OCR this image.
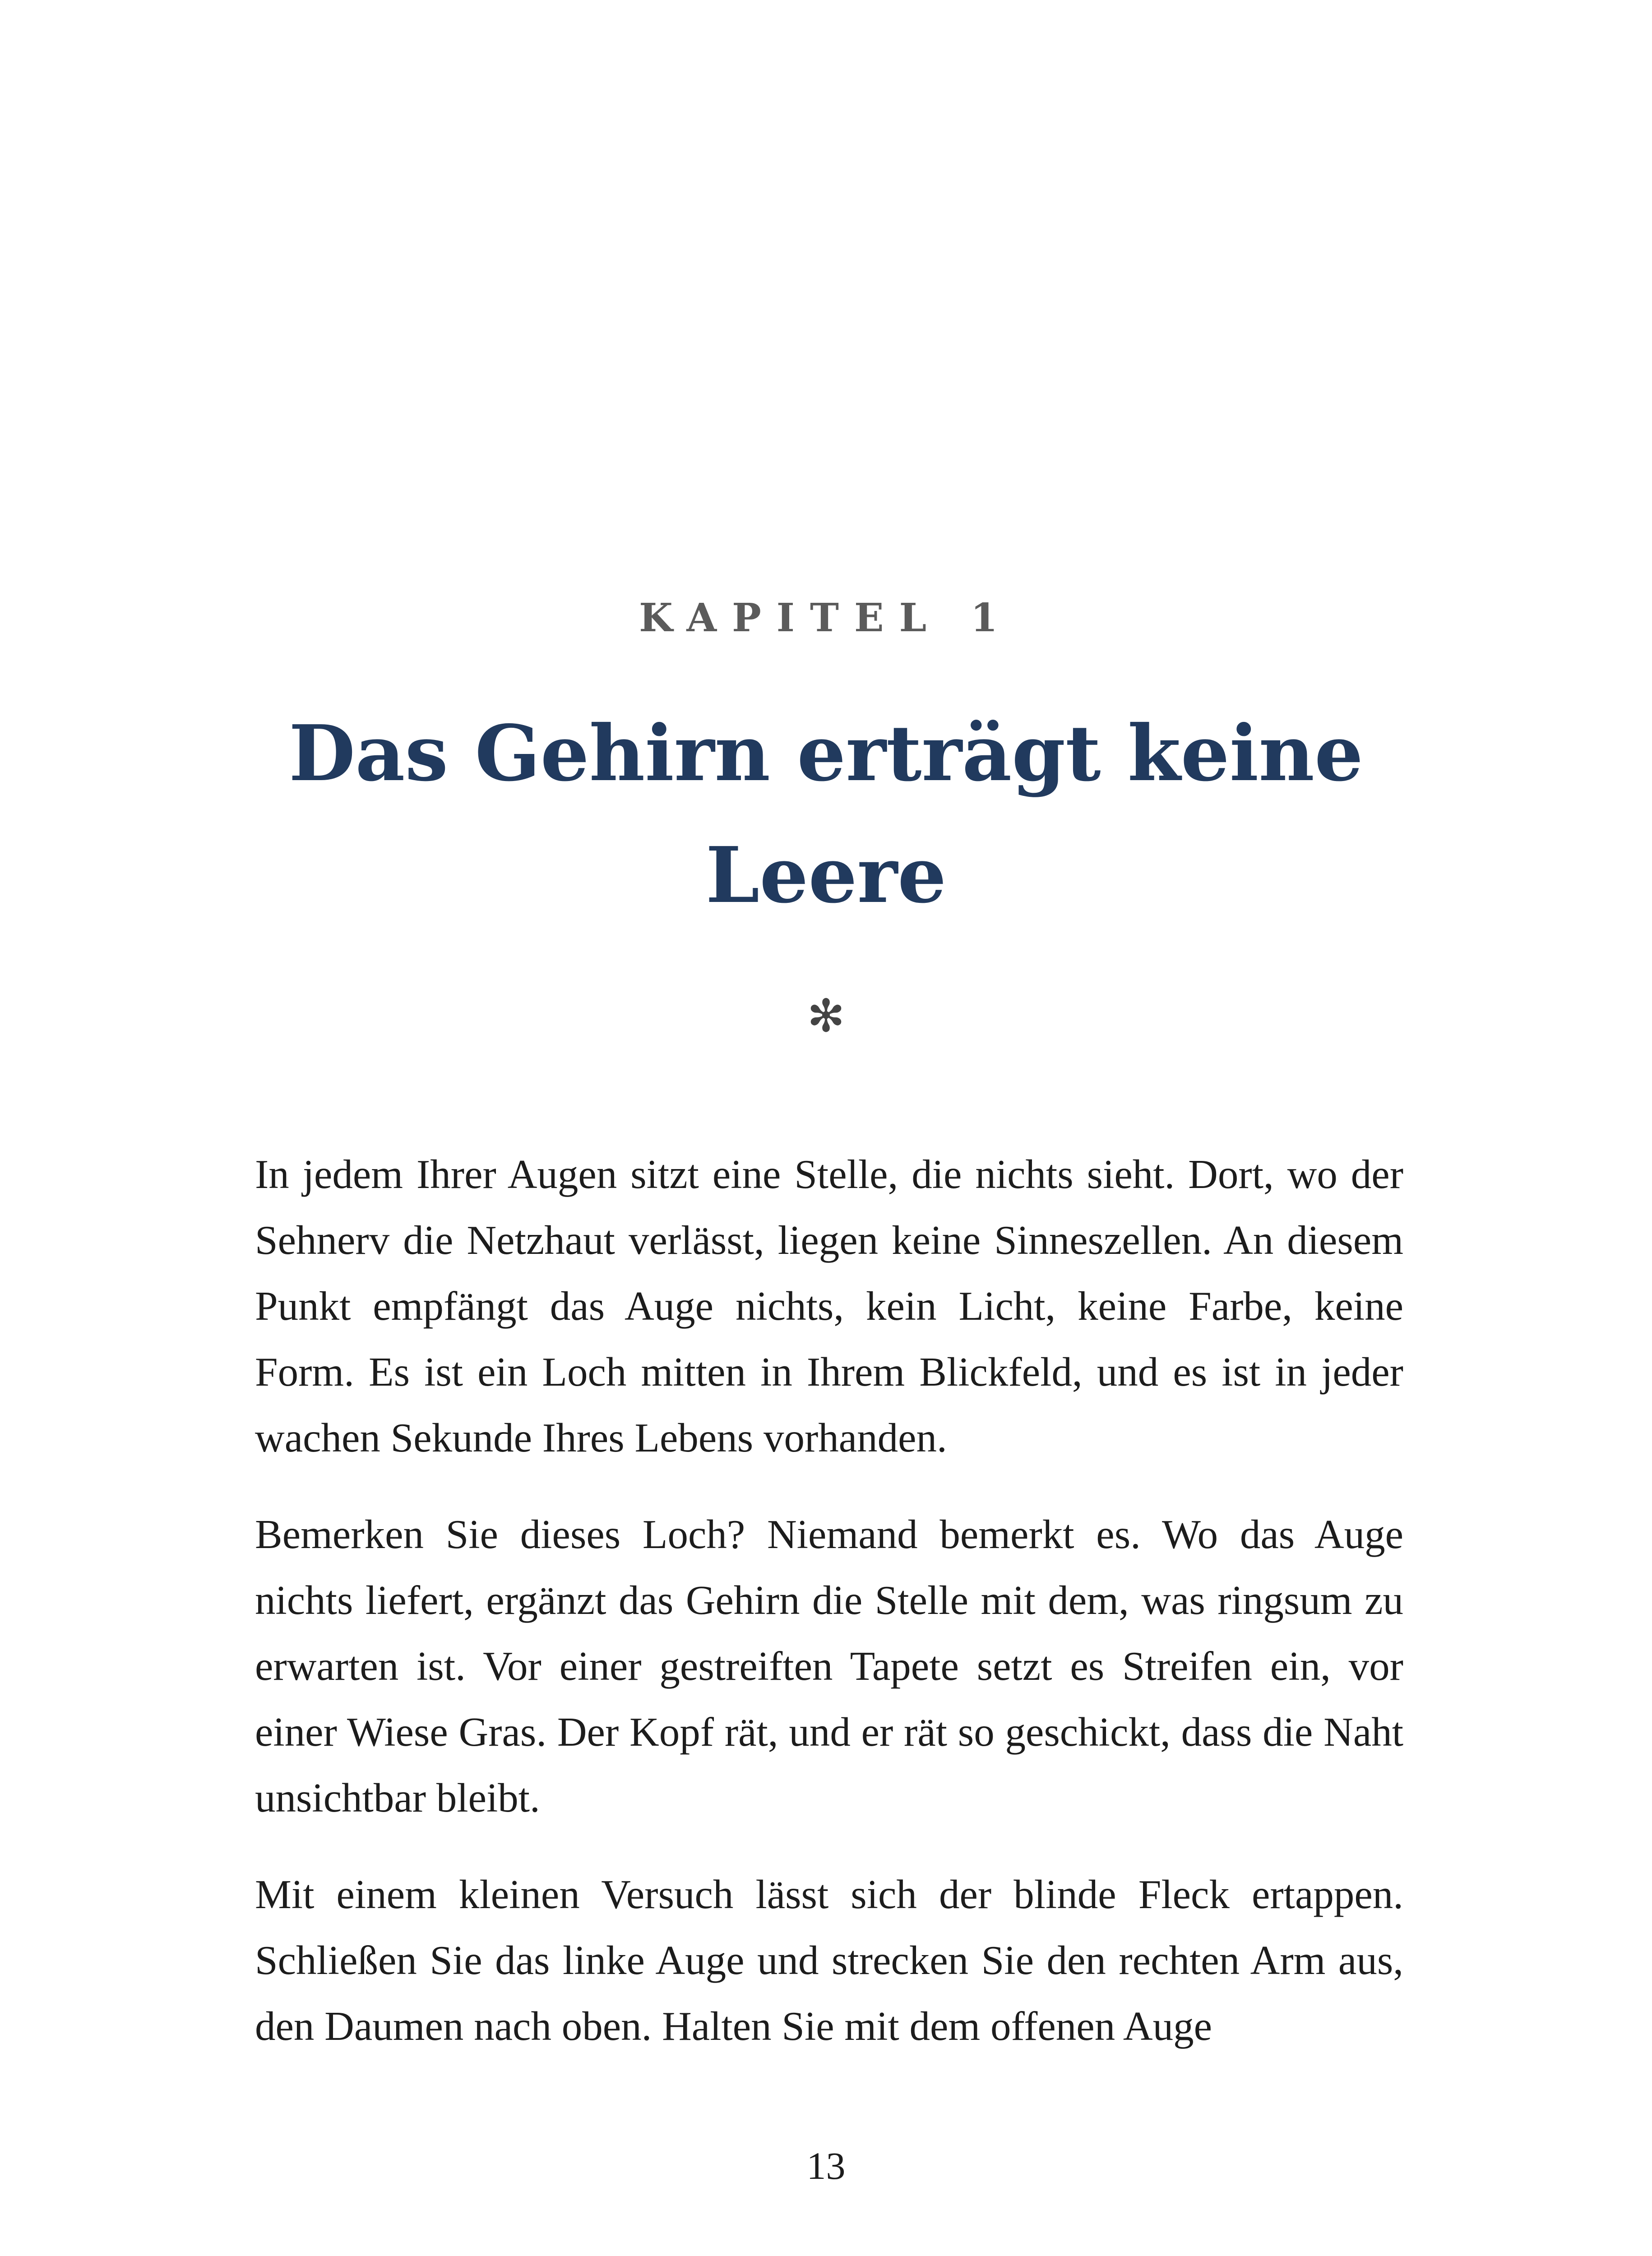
KAPITEL 1
Das Gehirn erträgt keine Leere
✻

In jedem Ihrer Augen sitzt eine Stelle, die nichts sieht. Dort, wo der Sehnerv die Netzhaut verlässt, liegen keine Sinneszellen. An diesem Punkt empfängt das Auge nichts, kein Licht, keine Farbe, keine Form. Es ist ein Loch mitten in Ihrem Blickfeld, und es ist in jeder wachen Sekunde Ihres Lebens vorhanden.

Bemerken Sie dieses Loch? Niemand bemerkt es. Wo das Auge nichts liefert, ergänzt das Gehirn die Stelle mit dem, was ringsum zu erwarten ist. Vor einer gestreiften Tapete setzt es Streifen ein, vor einer Wiese Gras. Der Kopf rät, und er rät so geschickt, dass die Naht unsichtbar bleibt.

Mit einem kleinen Versuch lässt sich der blinde Fleck ertappen. Schließen Sie das linke Auge und strecken Sie den rechten Arm aus, den Daumen nach oben. Halten Sie mit dem offenen Auge

13
